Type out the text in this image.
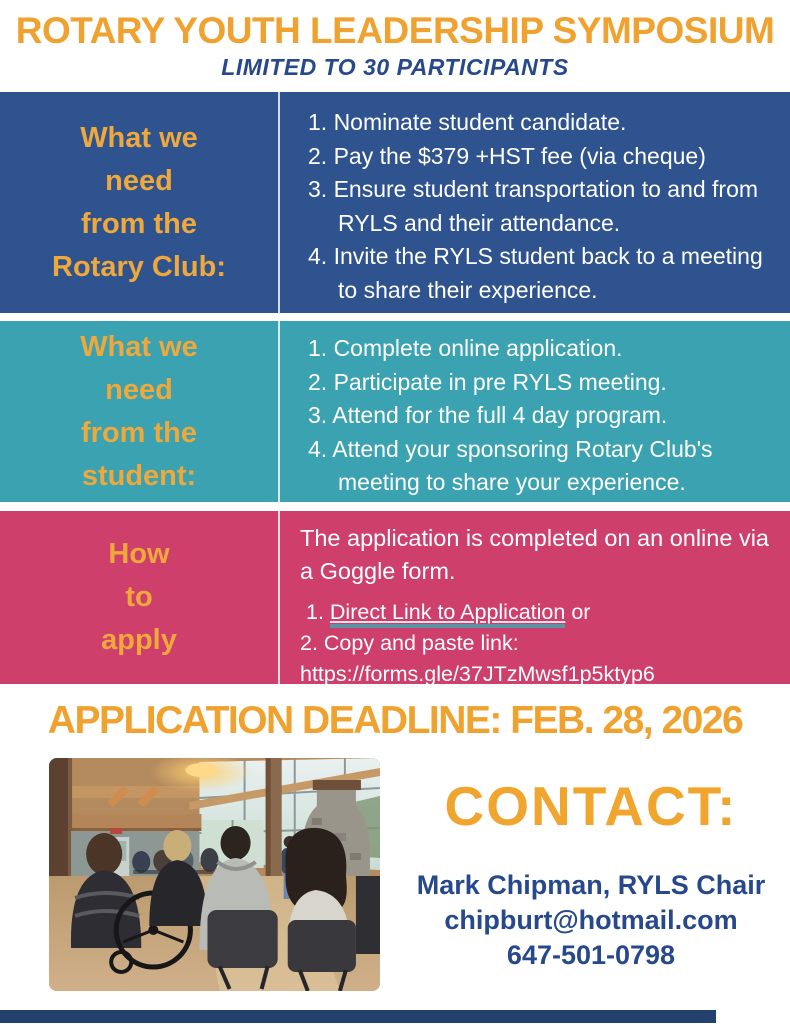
ROTARY YOUTH LEADERSHIP SYMPOSIUM
LIMITED TO 30 PARTICIPANTS
What we
need
from the
Rotary Club:
1. Nominate student candidate.
2. Pay the $379 +HST fee (via cheque)
3. Ensure student transportation to and from RYLS and their attendance.
4. Invite the RYLS student back to a meeting to share their experience.
What we
need
from the
student:
1. Complete online application.
2. Participate in pre RYLS meeting.
3. Attend for the full 4 day program.
4. Attend your sponsoring Rotary Club's meeting to share your experience.
How
to
apply
The application is completed on an online via a Goggle form.
1. Direct Link to Application or
2. Copy and paste link: https://forms.gle/37JTzMwsf1p5ktyp6
APPLICATION DEADLINE: FEB. 28, 2026
CONTACT:
Mark Chipman, RYLS Chair
chipburt@hotmail.com
647-501-0798
